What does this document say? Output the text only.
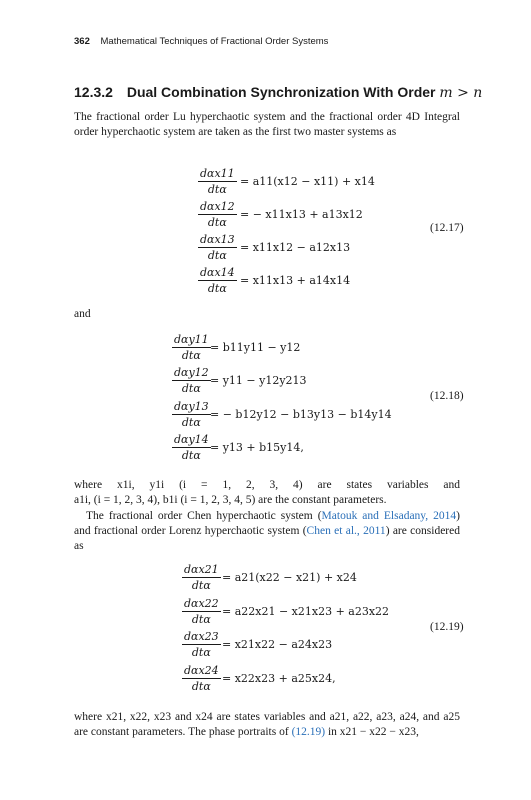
362 Mathematical Techniques of Fractional Order Systems
12.3.2 Dual Combination Synchronization With Order m > n
The fractional order Lu hyperchaotic system and the fractional order 4D Integral order hyperchaotic system are taken as the first two master systems as
dαx11
dtα
= a11(x12 − x11) + x14
dαx12
dtα
= − x11x13 + a13x12
dαx13
dtα
= x11x12 − a12x13
dαx14
dtα
= x11x13 + a14x14
(12.17)
and
dαy11
dtα
= b11y11 − y12
dαy12
dtα
= y11 − y12y213
dαy13
dtα
= − b12y12 − b13y13 − b14y14
dαy14
dtα
= y13 + b15y14,
(12.18)
where x1i, y1i (i = 1, 2, 3, 4) are states variables and
a1i, (i = 1, 2, 3, 4), b1i (i = 1, 2, 3, 4, 5) are the constant parameters.
The fractional order Chen hyperchaotic system (Matouk and Elsadany, 2014) and fractional order Lorenz hyperchaotic system (Chen et al., 2011) are considered as
dαx21
dtα
= a21(x22 − x21) + x24
dαx22
dtα
= a22x21 − x21x23 + a23x22
dαx23
dtα
= x21x22 − a24x23
dαx24
dtα
= x22x23 + a25x24,
(12.19)
where x21, x22, x23 and x24 are states variables and a21, a22, a23, a24, and a25 are constant parameters. The phase portraits of (12.19) in x21 − x22 − x23,
